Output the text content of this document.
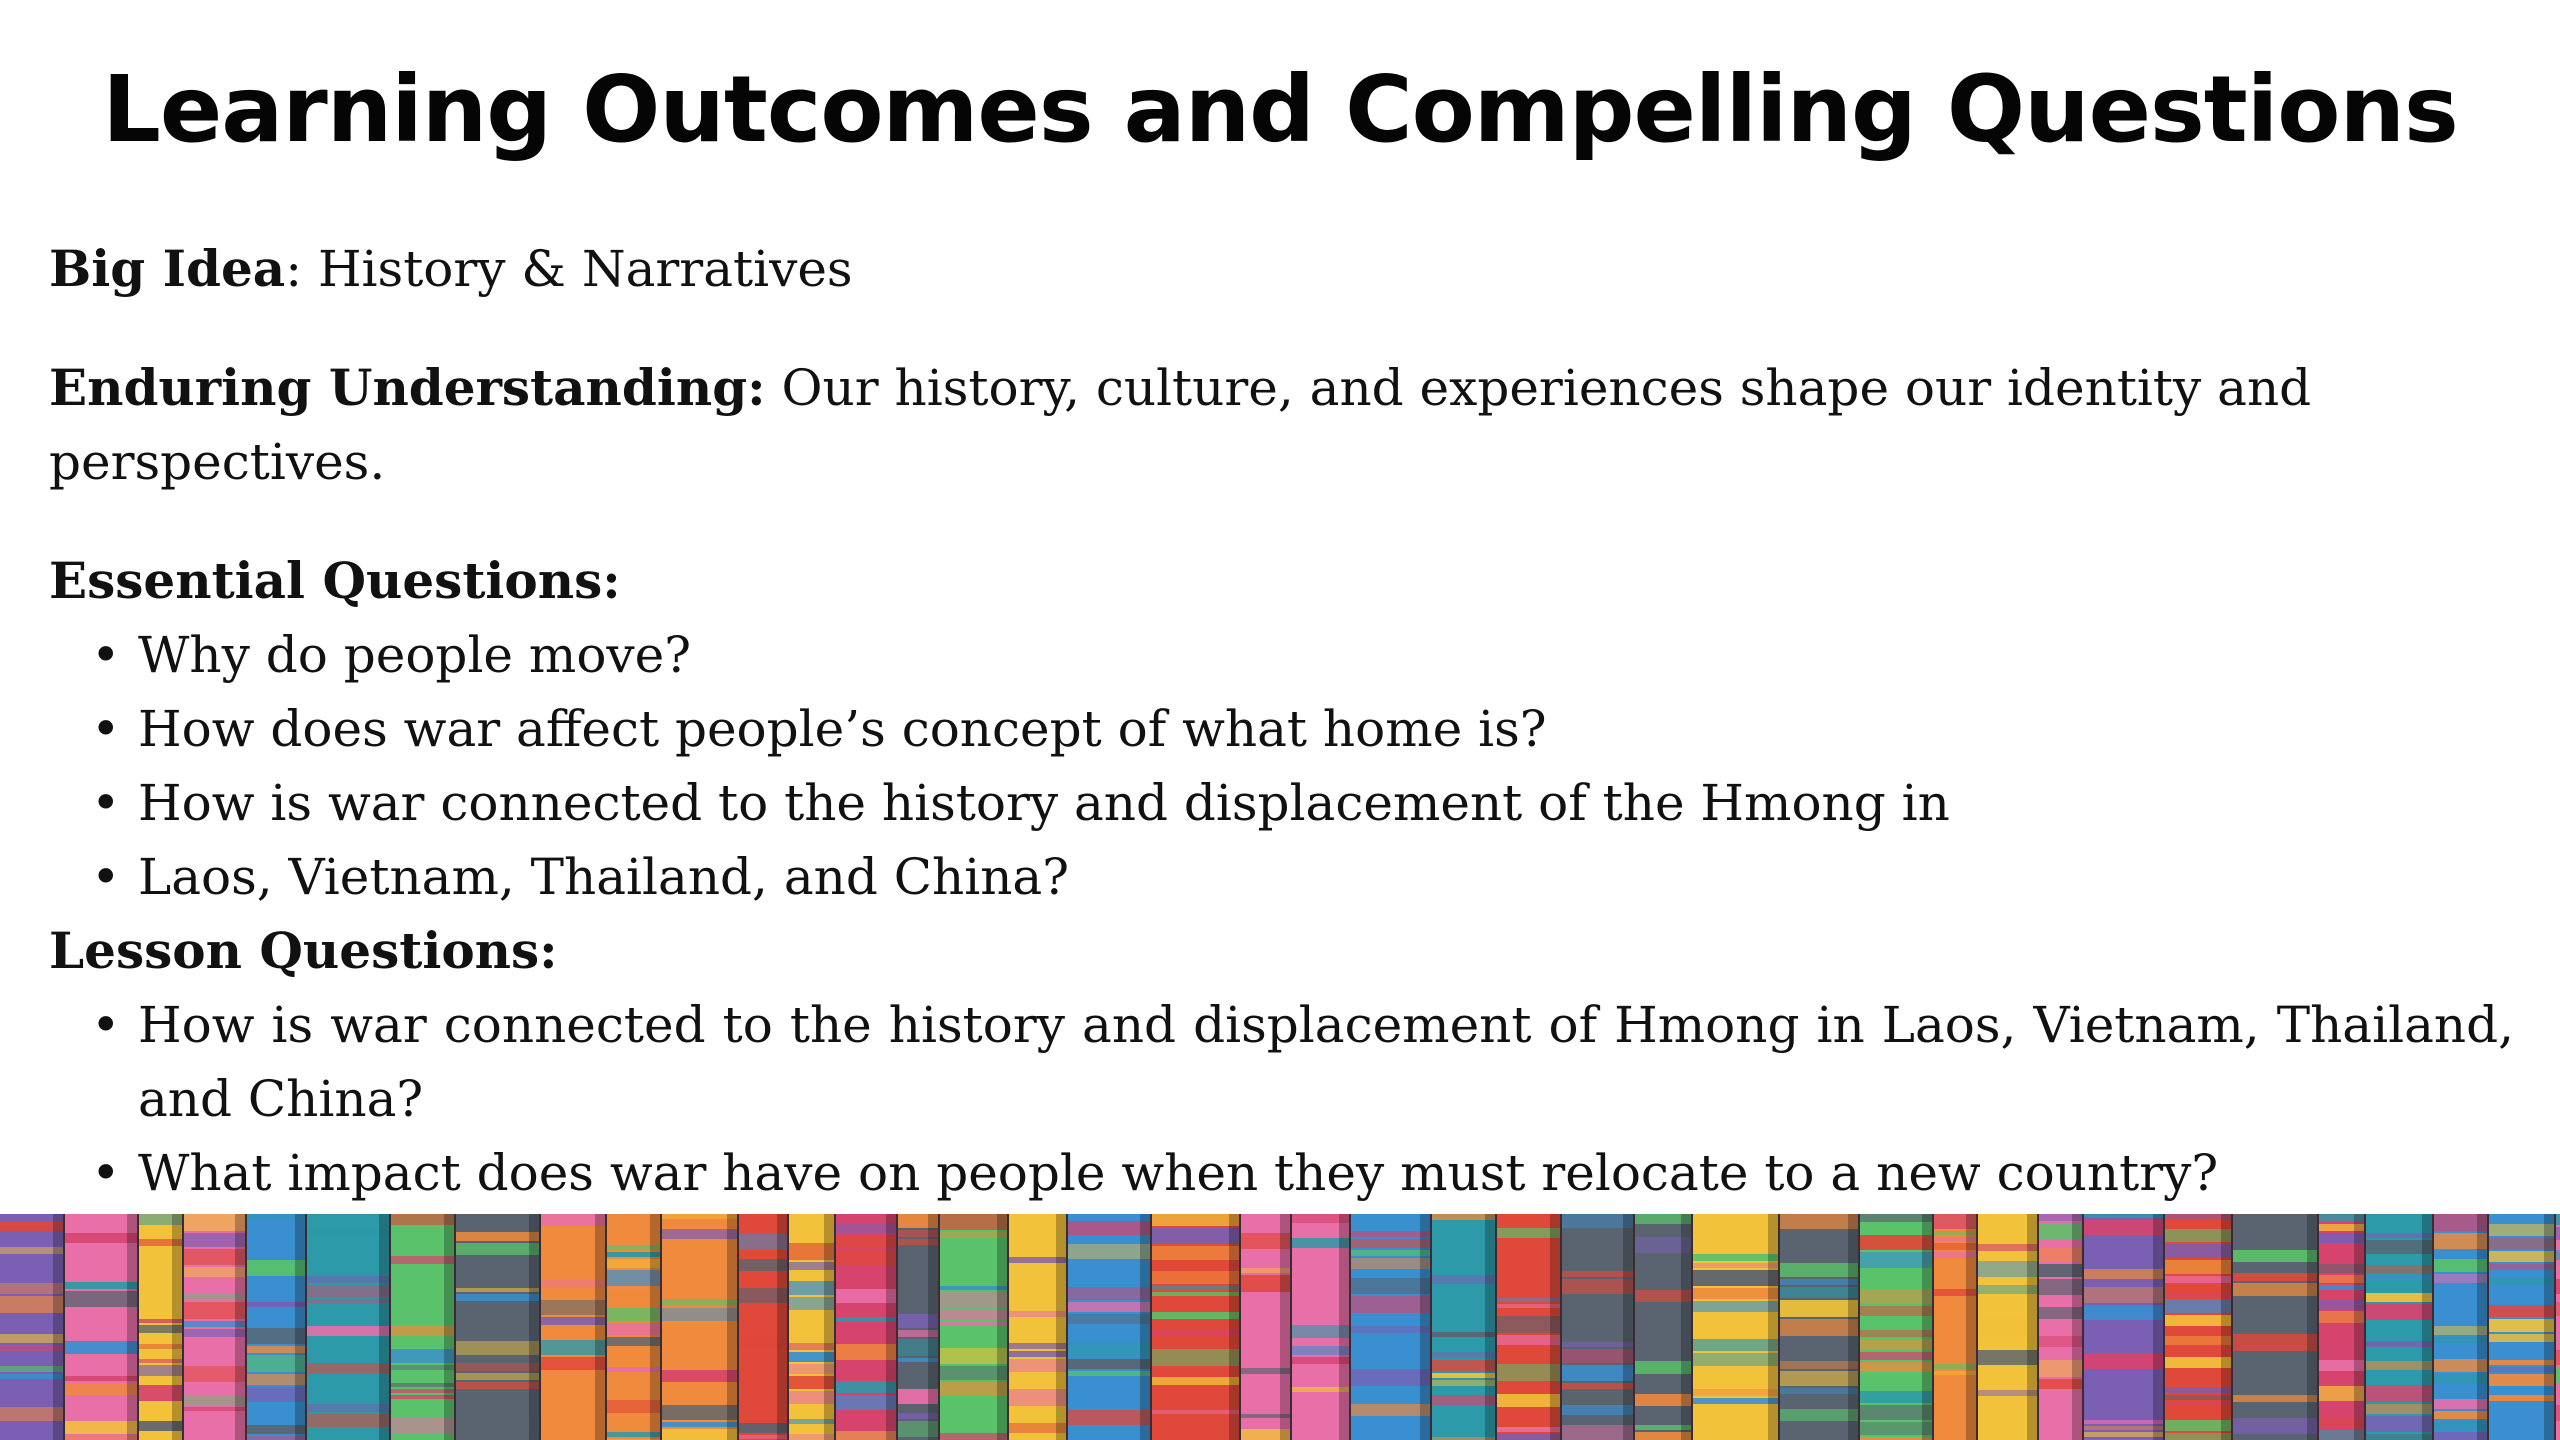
Learning Outcomes and Compelling Questions

Big Idea: History & Narratives

Enduring Understanding: Our history, culture, and experiences shape our identity and perspectives.

Essential Questions:

• Why do people move?
• How does war affect people’s concept of what home is?
• How is war connected to the history and displacement of the Hmong in
• Laos, Vietnam, Thailand, and China?

Lesson Questions:

• How is war connected to the history and displacement of Hmong in Laos, Vietnam, Thailand, and China?
• What impact does war have on people when they must relocate to a new country?
